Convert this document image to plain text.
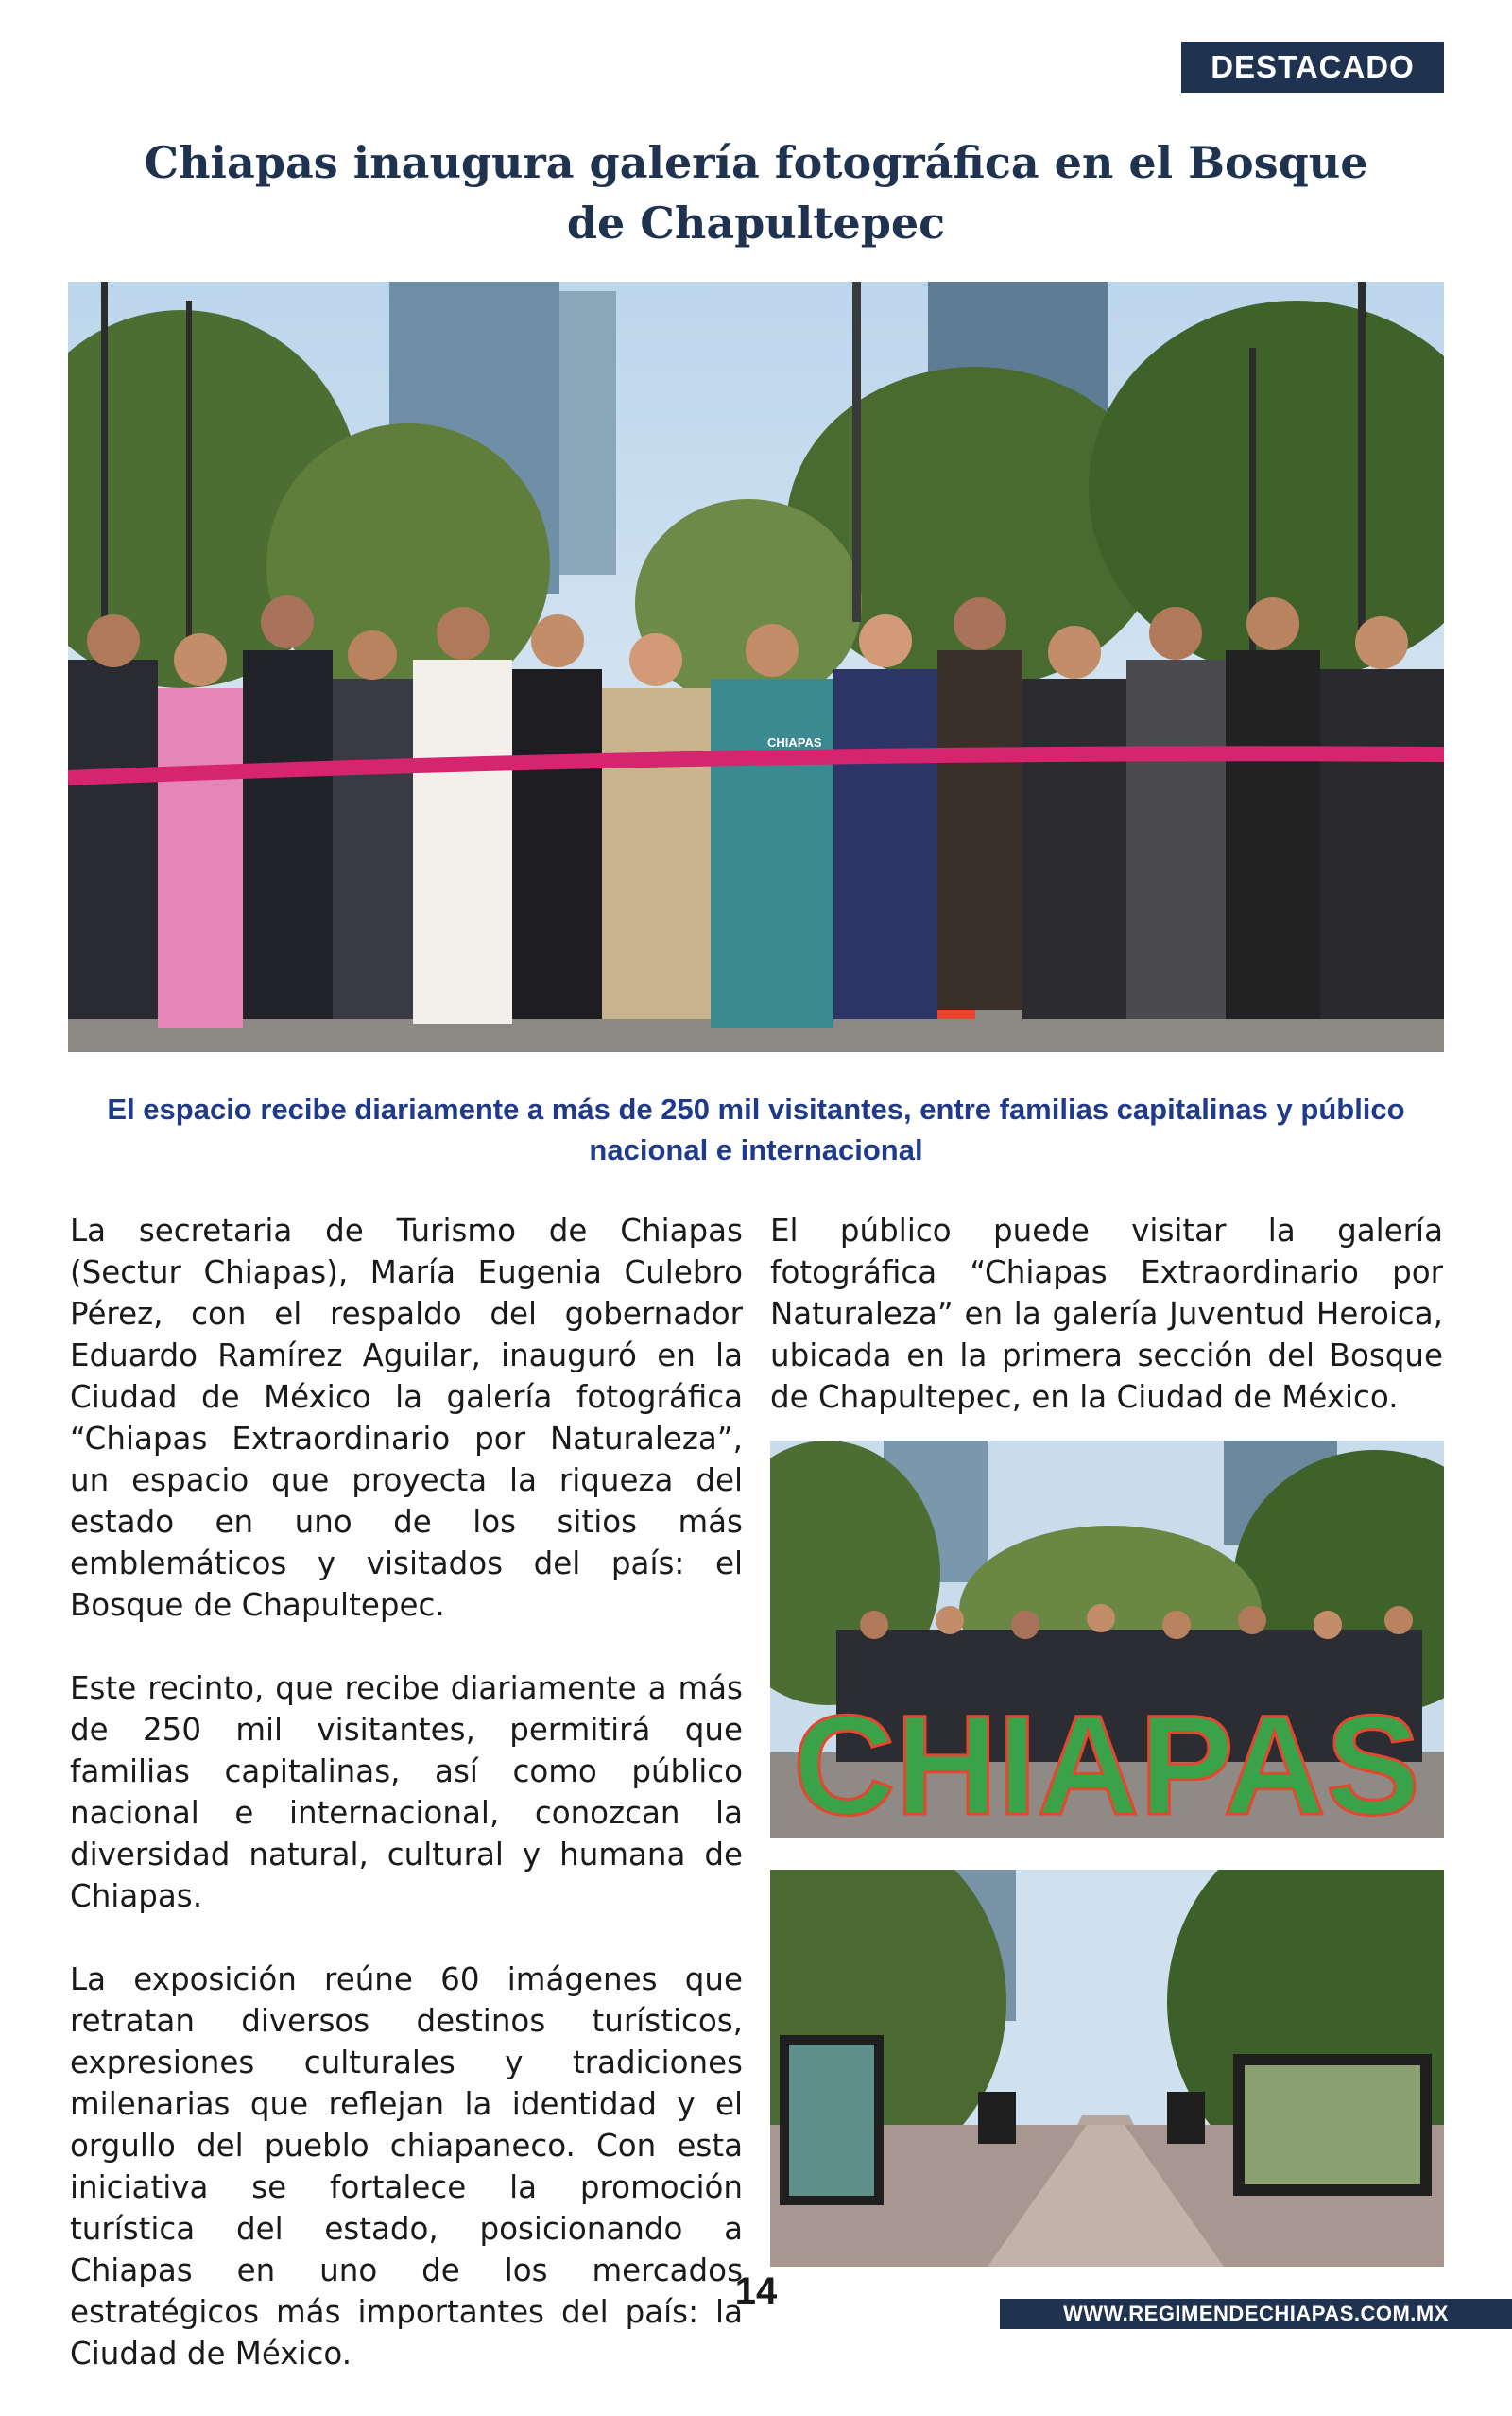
DESTACADO
Chiapas inaugura galería fotográfica en el Bosque de Chapultepec
CHIAPAS

El espacio recibe diariamente a más de 250 mil visitantes, entre familias capitalinas y público nacional e internacional

La secretaria de Turismo de Chiapas (Sectur Chiapas), María Eugenia Culebro Pérez, con el respaldo del gobernador Eduardo Ramírez Aguilar, inauguró en la Ciudad de México la galería fotográfica “Chiapas Extraordinario por Naturaleza”, un espacio que proyecta la riqueza del estado en uno de los sitios más emblemáticos y visitados del país: el Bosque de Chapultepec.

Este recinto, que recibe diariamente a más de 250 mil visitantes, permitirá que familias capitalinas, así como público nacional e internacional, conozcan la diversidad natural, cultural y humana de Chiapas.

La exposición reúne 60 imágenes que retratan diversos destinos turísticos, expresiones culturales y tradiciones milenarias que reflejan la identidad y el orgullo del pueblo chiapaneco. Con esta iniciativa se fortalece la promoción turística del estado, posicionando a Chiapas en uno de los mercados estratégicos más importantes del país: la Ciudad de México.

El público puede visitar la galería fotográfica “Chiapas Extraordinario por Naturaleza” en la galería Juventud Heroica, ubicada en la primera sección del Bosque de Chapultepec, en la Ciudad de México.

CHIAPAS
14
WWW.REGIMENDECHIAPAS.COM.MX
